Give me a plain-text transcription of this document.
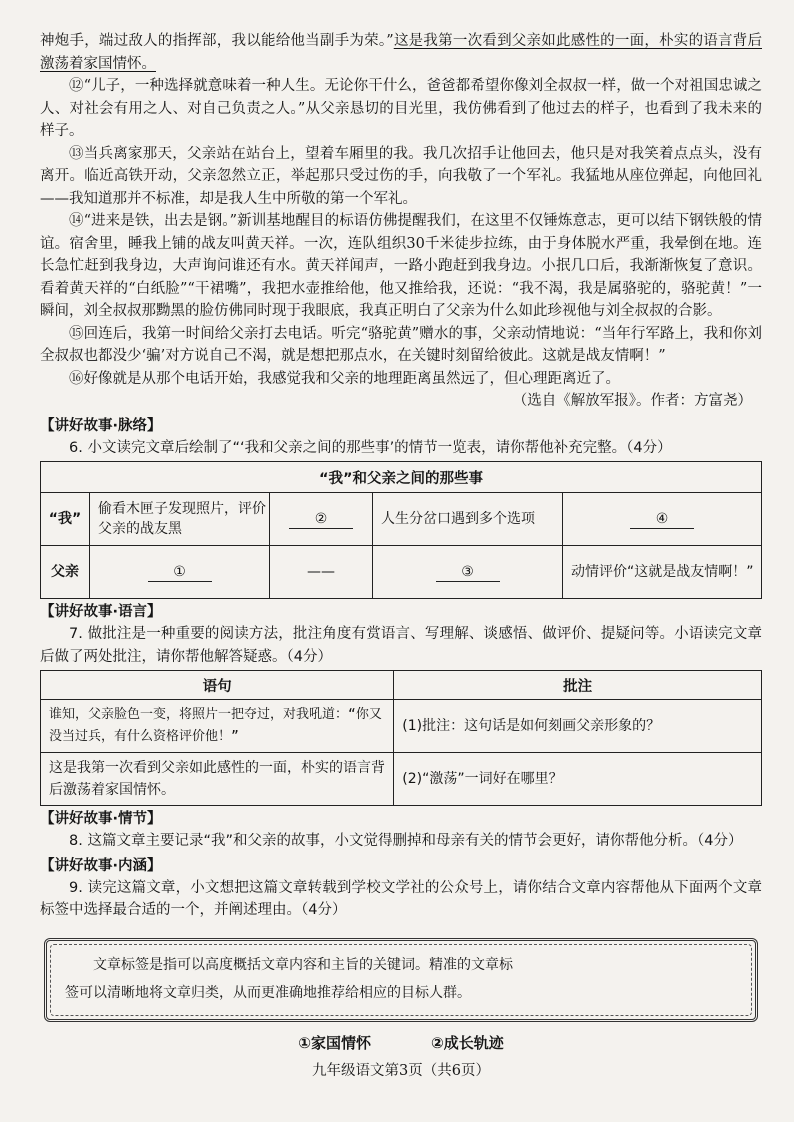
神炮手，端过敌人的指挥部，我以能给他当副手为荣。”这是我第一次看到父亲如此感性的一面，朴实的语言背后激荡着家国情怀。

⑫“儿子，一种选择就意味着一种人生。无论你干什么，爸爸都希望你像刘全叔叔一样，做一个对祖国忠诚之人、对社会有用之人、对自己负责之人。”从父亲恳切的目光里，我仿佛看到了他过去的样子，也看到了我未来的样子。

⑬当兵离家那天，父亲站在站台上，望着车厢里的我。我几次招手让他回去，他只是对我笑着点点头，没有离开。临近高铁开动，父亲忽然立正，举起那只受过伤的手，向我敬了一个军礼。我猛地从座位弹起，向他回礼——我知道那并不标准，却是我人生中所敬的第一个军礼。

⑭“进来是铁，出去是钢。”新训基地醒目的标语仿佛提醒我们，在这里不仅锤炼意志，更可以结下钢铁般的情谊。宿舍里，睡我上铺的战友叫黄天祥。一次，连队组织30千米徒步拉练，由于身体脱水严重，我晕倒在地。连长急忙赶到我身边，大声询问谁还有水。黄天祥闻声，一路小跑赶到我身边。小抿几口后，我渐渐恢复了意识。看着黄天祥的“白纸脸”“干裙嘴”，我把水壶推给他，他又推给我，还说：“我不渴，我是属骆驼的，骆驼黄！”一瞬间，刘全叔叔那黝黑的脸仿佛同时现于我眼底，我真正明白了父亲为什么如此珍视他与刘全叔叔的合影。

⑮回连后，我第一时间给父亲打去电话。听完“骆驼黄”赠水的事，父亲动情地说：“当年行军路上，我和你刘全叔叔也都没少‘骗’对方说自己不渴，就是想把那点水，在关键时刻留给彼此。这就是战友情啊！”

⑯好像就是从那个电话开始，我感觉我和父亲的地理距离虽然远了，但心理距离近了。

（选自《解放军报》。作者：方富尧）

【讲好故事·脉络】

6. 小文读完文章后绘制了“‘我和父亲之间的那些事’的情节一览表，请你帮他补充完整。（4分）

“我”和父亲之间的那些事				
“我”	偷看木匣子发现照片，评价父亲的战友黑	②	人生分岔口遇到多个选项	④
父亲	①	——	③	动情评价“这就是战友情啊！”
【讲好故事·语言】

7. 做批注是一种重要的阅读方法，批注角度有赏语言、写理解、谈感悟、做评价、提疑问等。小语读完文章后做了两处批注，请你帮他解答疑惑。（4分）

语句	批注
谁知，父亲脸色一变，将照片一把夺过，对我吼道：“你又没当过兵，有什么资格评价他！”	(1)批注：这句话是如何刻画父亲形象的？
这是我第一次看到父亲如此感性的一面，朴实的语言背后激荡着家国情怀。	(2)“激荡”一词好在哪里？
【讲好故事·情节】

8. 这篇文章主要记录“我”和父亲的故事，小文觉得删掉和母亲有关的情节会更好，请你帮他分析。（4分）

【讲好故事·内涵】

9. 读完这篇文章，小文想把这篇文章转载到学校文学社的公众号上，请你结合文章内容帮他从下面两个文章标签中选择最合适的一个，并阐述理由。（4分）

文章标签是指可以高度概括文章内容和主旨的关键词。精准的文章标

签可以清晰地将文章归类，从而更准确地推荐给相应的目标人群。

①家国情怀	②成长轨迹
九年级语文第3页（共6页）
